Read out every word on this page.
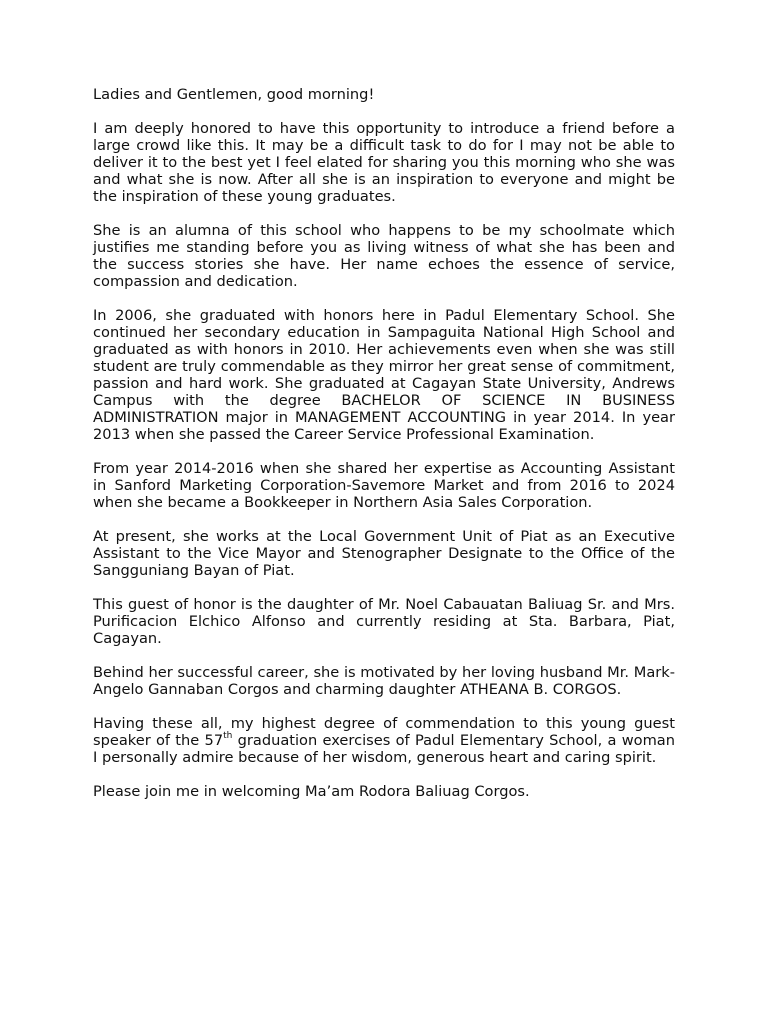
Ladies and Gentlemen, good morning!

I am deeply honored to have this opportunity to introduce a friend before a large crowd like this. It may be a difficult task to do for I may not be able to deliver it to the best yet I feel elated for sharing you this morning who she was and what she is now. After all she is an inspiration to everyone and might be the inspiration of these young graduates.

She is an alumna of this school who happens to be my schoolmate which justifies me standing before you as living witness of what she has been and the success stories she have. Her name echoes the essence of service, compassion and dedication.

In 2006, she graduated with honors here in Padul Elementary School. She continued her secondary education in Sampaguita National High School and graduated as with honors in 2010. Her achievements even when she was still student are truly commendable as they mirror her great sense of commitment, passion and hard work. She graduated at Cagayan State University, Andrews Campus with the degree BACHELOR OF SCIENCE IN BUSINESS ADMINISTRATION major in MANAGEMENT ACCOUNTING in year 2014. In year 2013 when she passed the Career Service Professional Examination.

From year 2014-2016 when she shared her expertise as Accounting Assistant in Sanford Marketing Corporation-Savemore Market and from 2016 to 2024 when she became a Bookkeeper in Northern Asia Sales Corporation.

At present, she works at the Local Government Unit of Piat as an Executive Assistant to the Vice Mayor and Stenographer Designate to the Office of the Sangguniang Bayan of Piat.

This guest of honor is the daughter of Mr. Noel Cabauatan Baliuag Sr. and Mrs. Purificacion Elchico Alfonso and currently residing at Sta. Barbara, Piat, Cagayan.

Behind her successful career, she is motivated by her loving husband Mr. Mark-Angelo Gannaban Corgos and charming daughter ATHEANA B. CORGOS.

Having these all, my highest degree of commendation to this young guest speaker of the 57th graduation exercises of Padul Elementary School, a woman I personally admire because of her wisdom, generous heart and caring spirit.

Please join me in welcoming Ma’am Rodora Baliuag Corgos.
